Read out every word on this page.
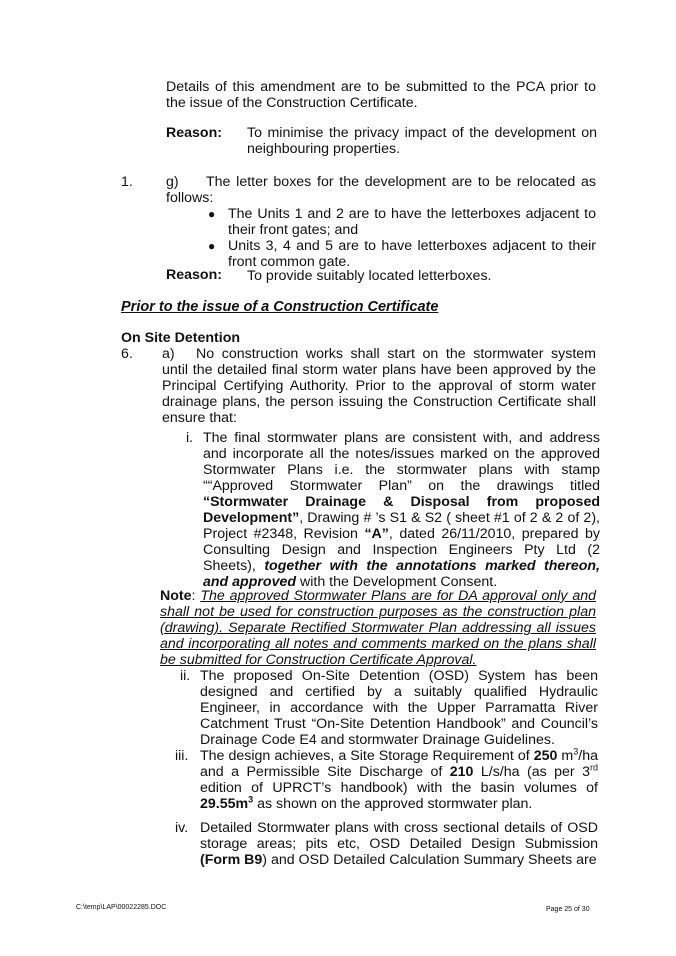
Details of this amendment are to be submitted to the PCA prior to the issue of the Construction Certificate.
Reason: To minimise the privacy impact of the development on neighbouring properties.
1. g)	The letter boxes for the development are to be relocated as follows:
● The Units 1 and 2 are to have the letterboxes adjacent to their front gates; and
● Units 3, 4 and 5 are to have letterboxes adjacent to their front common gate.
Reason: To provide suitably located letterboxes.
Prior to the issue of a Construction Certificate
On Site Detention
6. a)	No construction works shall start on the stormwater system until the detailed final storm water plans have been approved by the Principal Certifying Authority. Prior to the approval of storm water drainage plans, the person issuing the Construction Certificate shall ensure that:
i. The final stormwater plans are consistent with, and address and incorporate all the notes/issues marked on the approved Stormwater Plans i.e. the stormwater plans with stamp ““Approved Stormwater Plan” on the drawings titled “Stormwater Drainage & Disposal from proposed Development”, Drawing # ’s S1 & S2 ( sheet #1 of 2 & 2 of 2), Project #2348, Revision “A”, dated 26/11/2010, prepared by Consulting Design and Inspection Engineers Pty Ltd (2 Sheets), together with the annotations marked thereon, and approved with the Development Consent.
Note: The approved Stormwater Plans are for DA approval only and shall not be used for construction purposes as the construction plan (drawing). Separate Rectified Stormwater Plan addressing all issues and incorporating all notes and comments marked on the plans shall be submitted for Construction Certificate Approval.
ii. The proposed On-Site Detention (OSD) System has been designed and certified by a suitably qualified Hydraulic Engineer, in accordance with the Upper Parramatta River Catchment Trust “On-Site Detention Handbook” and Council’s Drainage Code E4 and stormwater Drainage Guidelines.
iii. The design achieves, a Site Storage Requirement of 250 $m^3/ha$ and a Permissible Site Discharge of 210 L/s/ha (as per 3rd edition of UPRCT’s handbook) with the basin volumes of $29.55m^3$ as shown on the approved stormwater plan.
iv. Detailed Stormwater plans with cross sectional details of OSD storage areas; pits etc, OSD Detailed Design Submission (Form B9) and OSD Detailed Calculation Summary Sheets are
C:\temp\LAP\00022285.DOC	Page 25 of 30
